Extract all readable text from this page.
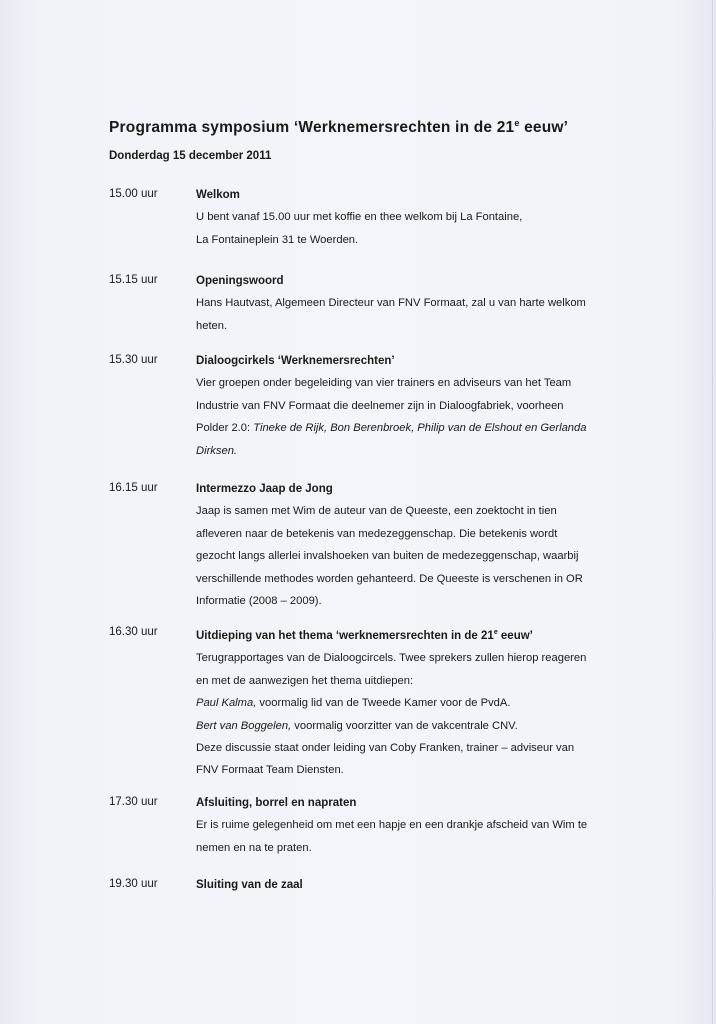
Programma symposium ‘Werknemersrechten in de 21e eeuw’
Donderdag 15 december 2011
15.00 uur	Welkom
U bent vanaf 15.00 uur met koffie en thee welkom bij La Fontaine,
La Fontaineplein 31 te Woerden.
15.15 uur	Openingswoord
Hans Hautvast, Algemeen Directeur van FNV Formaat, zal u van harte welkom
heten.
15.30 uur	Dialoogcirkels ‘Werknemersrechten’
Vier groepen onder begeleiding van vier trainers en adviseurs van het Team
Industrie van FNV Formaat die deelnemer zijn in Dialoogfabriek, voorheen
Polder 2.0: Tineke de Rijk, Bon Berenbroek, Philip van de Elshout en Gerlanda
Dirksen.
16.15 uur	Intermezzo Jaap de Jong
Jaap is samen met Wim de auteur van de Queeste, een zoektocht in tien
afleveren naar de betekenis van medezeggenschap. Die betekenis wordt
gezocht langs allerlei invalshoeken van buiten de medezeggenschap, waarbij
verschillende methodes worden gehanteerd. De Queeste is verschenen in OR
Informatie (2008 – 2009).
16.30 uur	Uitdieping van het thema ‘werknemersrechten in de 21e eeuw’
Terugrapportages van de Dialoogcircels. Twee sprekers zullen hierop reageren
en met de aanwezigen het thema uitdiepen:
Paul Kalma, voormalig lid van de Tweede Kamer voor de PvdA.
Bert van Boggelen, voormalig voorzitter van de vakcentrale CNV.
Deze discussie staat onder leiding van Coby Franken, trainer – adviseur van
FNV Formaat Team Diensten.
17.30 uur	Afsluiting, borrel en napraten
Er is ruime gelegenheid om met een hapje en een drankje afscheid van Wim te
nemen en na te praten.
19.30 uur	Sluiting van de zaal
